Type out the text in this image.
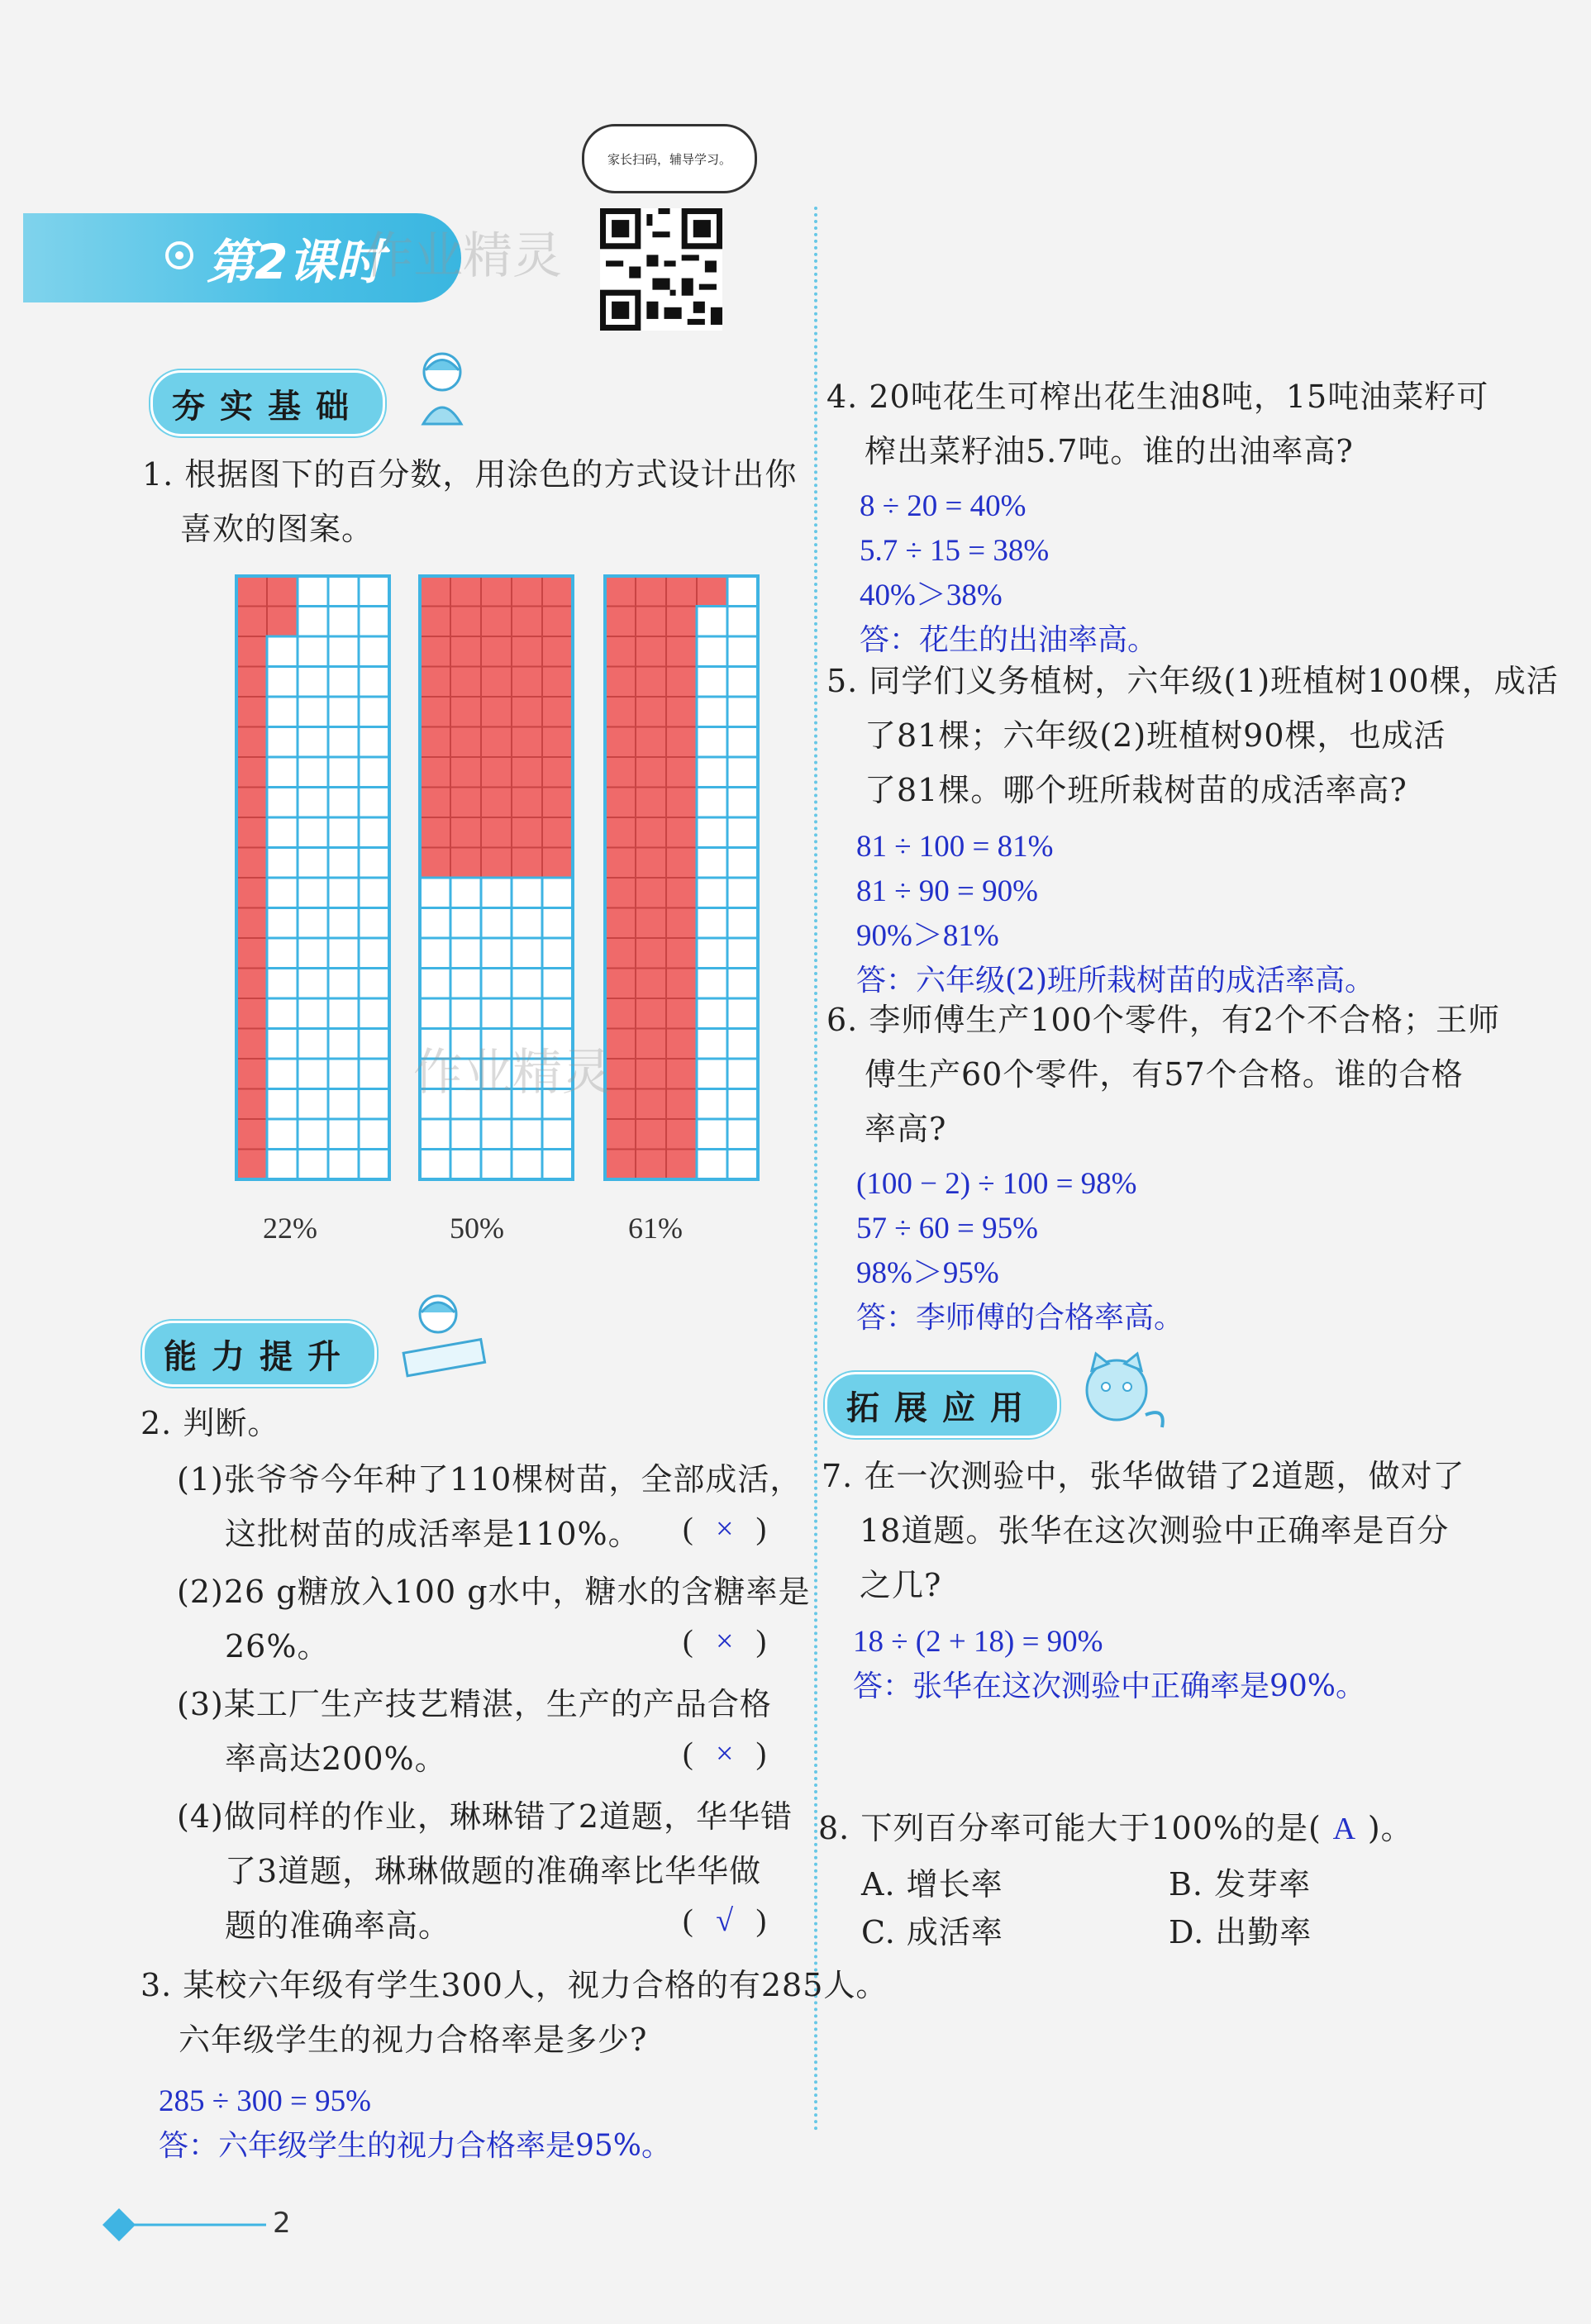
家长扫码，辅导学习。
第2课时
作业精灵
夯实基础
1. 根据图下的百分数，用涂色的方式设计出你
喜欢的图案。
22%	50%	61%
作业精灵
能力提升
2. 判断。
(1)张爷爷今年种了110棵树苗，全部成活，
这批树苗的成活率是110%。 ( × )
(2)26 g糖放入100 g水中，糖水的含糖率是
26%。	( × )
(3)某工厂生产技艺精湛，生产的产品合格
率高达200%。	( × )
(4)做同样的作业，琳琳错了2道题，华华错
了3道题，琳琳做题的准确率比华华做
题的准确率高。	( √ )
3. 某校六年级有学生300人，视力合格的有285人。
六年级学生的视力合格率是多少?
285 ÷ 300 = 95%
答：六年级学生的视力合格率是95%。
4. 20吨花生可榨出花生油8吨，15吨油菜籽可
榨出菜籽油5.7吨。谁的出油率高?
8 ÷ 20 = 40%
5.7 ÷ 15 = 38%
40%＞38%
答：花生的出油率高。
5. 同学们义务植树，六年级(1)班植树100棵，成活
了81棵；六年级(2)班植树90棵，也成活
了81棵。哪个班所栽树苗的成活率高?
81 ÷ 100 = 81%
81 ÷ 90 = 90%
90%＞81%
答：六年级(2)班所栽树苗的成活率高。
6. 李师傅生产100个零件，有2个不合格；王师
傅生产60个零件，有57个合格。谁的合格
率高?
(100 − 2) ÷ 100 = 98%
57 ÷ 60 = 95%
98%＞95%
答：李师傅的合格率高。
拓展应用
7. 在一次测验中，张华做错了2道题，做对了
18道题。张华在这次测验中正确率是百分
之几?
18 ÷ (2 + 18) = 90%
答：张华在这次测验中正确率是90%。
8. 下列百分率可能大于100%的是( A )。
A. 增长率	B. 发芽率
C. 成活率	D. 出勤率
2
